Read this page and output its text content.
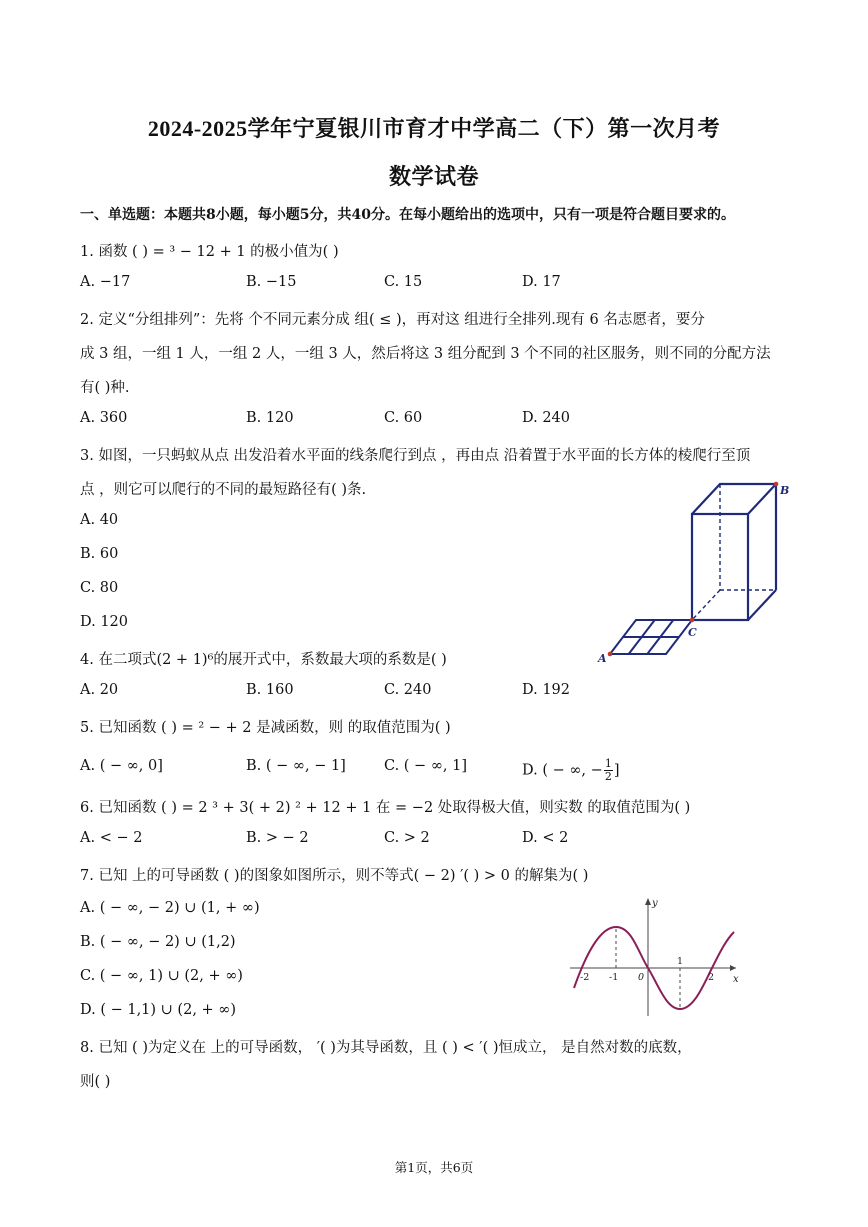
2024-2025学年宁夏银川市育才中学高二（下）第一次月考
数学试卷
一、单选题：本题共8小题，每小题5分，共40分。在每小题给出的选项中，只有一项是符合题目要求的。
1. 函数 ( ) = ³ − 12 + 1 的极小值为( )
A. −17	B. −15	C. 15	D. 17
2. 定义“分组排列”：先将 个不同元素分成 组( ≤ )，再对这 组进行全排列.现有 6 名志愿者，要分
成 3 组，一组 1 人，一组 2 人，一组 3 人，然后将这 3 组分配到 3 个不同的社区服务，则不同的分配方法
有( )种.
A. 360	B. 120	C. 60	D. 240
3. 如图，一只蚂蚁从点 出发沿着水平面的线条爬行到点 ，再由点 沿着置于水平面的长方体的棱爬行至顶
点 ，则它可以爬行的不同的最短路径有( )条.
A. 40
B. 60
C. 80
D. 120
A
B
C
4. 在二项式(2 + 1)⁶的展开式中，系数最大项的系数是( )
A. 20	B. 160	C. 240	D. 192
5. 已知函数 ( ) = ² − + 2 是减函数，则 的取值范围为( )
A. ( − ∞, 0]	B. ( − ∞, − 1]	C. ( − ∞, 1]	D. ( − ∞, − $\frac{1}{2}$ ]
6. 已知函数 ( ) = 2 ³ + 3( + 2) ² + 12 + 1 在 = −2 处取得极大值，则实数 的取值范围为( )
A. < − 2	B. > − 2	C. > 2	D. < 2
7. 已知 上的可导函数 ( )的图象如图所示，则不等式( − 2) ′( ) > 0 的解集为( )
A. ( − ∞, − 2) ∪ (1, + ∞)
B. ( − ∞, − 2) ∪ (1,2)
C. ( − ∞, 1) ∪ (2, + ∞)
D. ( − 1,1) ∪ (2, + ∞)
y
x
0
-2 -1
1
2
8. 已知 ( )为定义在 上的可导函数， ′( )为其导函数，且 ( ) < ′( )恒成立， 是自然对数的底数，
则( )
第1页，共6页
